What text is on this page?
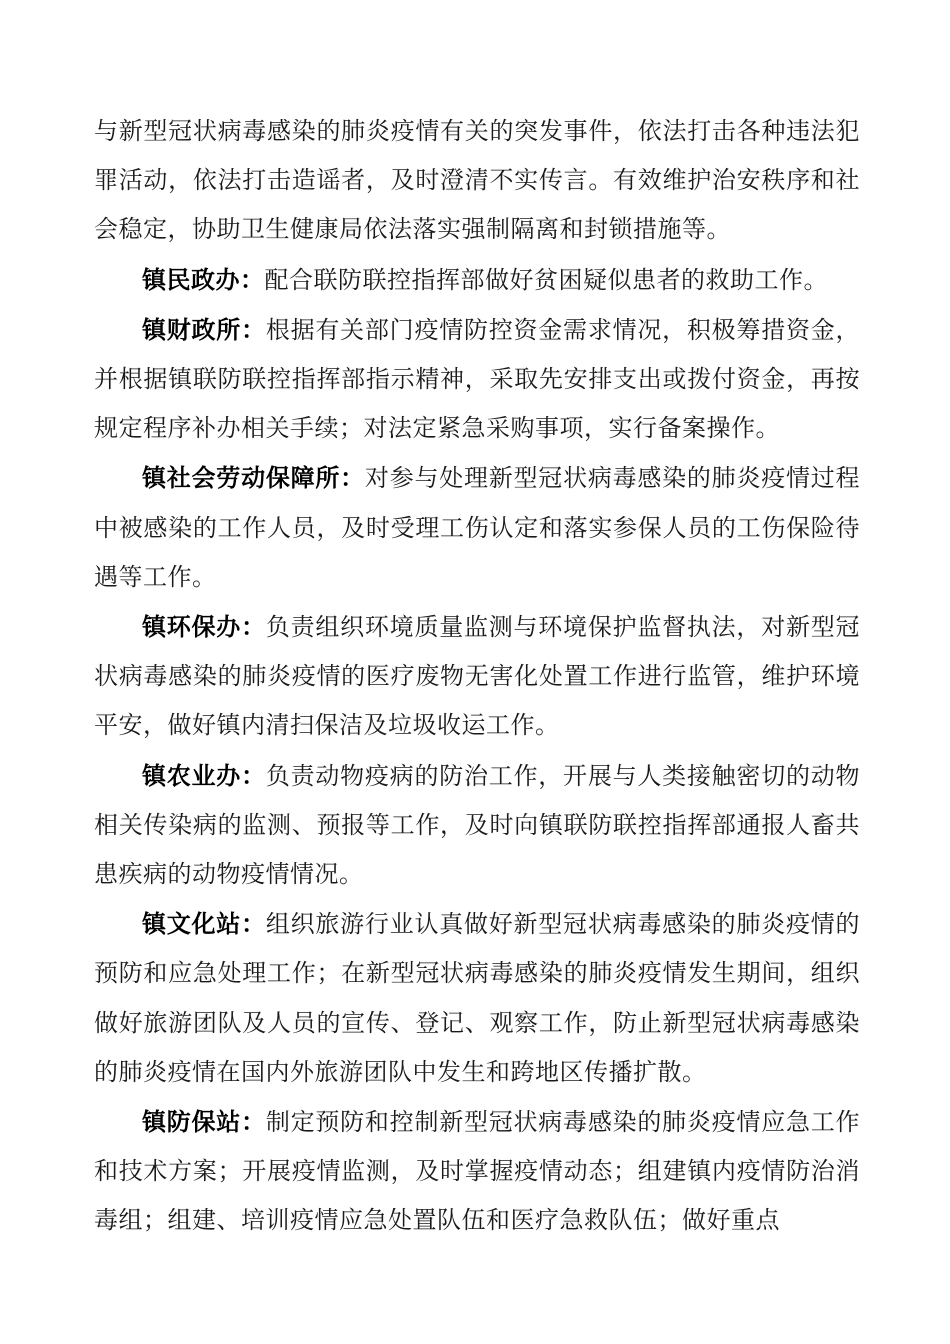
与新型冠状病毒感染的肺炎疫情有关的突发事件，依法打击各种违法犯罪活动，依法打击造谣者，及时澄清不实传言。有效维护治安秩序和社会稳定，协助卫生健康局依法落实强制隔离和封锁措施等。

镇民政办：配合联防联控指挥部做好贫困疑似患者的救助工作。

镇财政所：根据有关部门疫情防控资金需求情况，积极筹措资金，并根据镇联防联控指挥部指示精神，采取先安排支出或拨付资金，再按规定程序补办相关手续；对法定紧急采购事项，实行备案操作。

镇社会劳动保障所：对参与处理新型冠状病毒感染的肺炎疫情过程中被感染的工作人员，及时受理工伤认定和落实参保人员的工伤保险待遇等工作。

镇环保办：负责组织环境质量监测与环境保护监督执法，对新型冠状病毒感染的肺炎疫情的医疗废物无害化处置工作进行监管，维护环境平安，做好镇内清扫保洁及垃圾收运工作。

镇农业办：负责动物疫病的防治工作，开展与人类接触密切的动物相关传染病的监测、预报等工作，及时向镇联防联控指挥部通报人畜共患疾病的动物疫情情况。

镇文化站：组织旅游行业认真做好新型冠状病毒感染的肺炎疫情的预防和应急处理工作；在新型冠状病毒感染的肺炎疫情发生期间，组织做好旅游团队及人员的宣传、登记、观察工作，防止新型冠状病毒感染的肺炎疫情在国内外旅游团队中发生和跨地区传播扩散。

镇防保站：制定预防和控制新型冠状病毒感染的肺炎疫情应急工作和技术方案；开展疫情监测，及时掌握疫情动态；组建镇内疫情防治消毒组；组建、培训疫情应急处置队伍和医疗急救队伍；做好重点
